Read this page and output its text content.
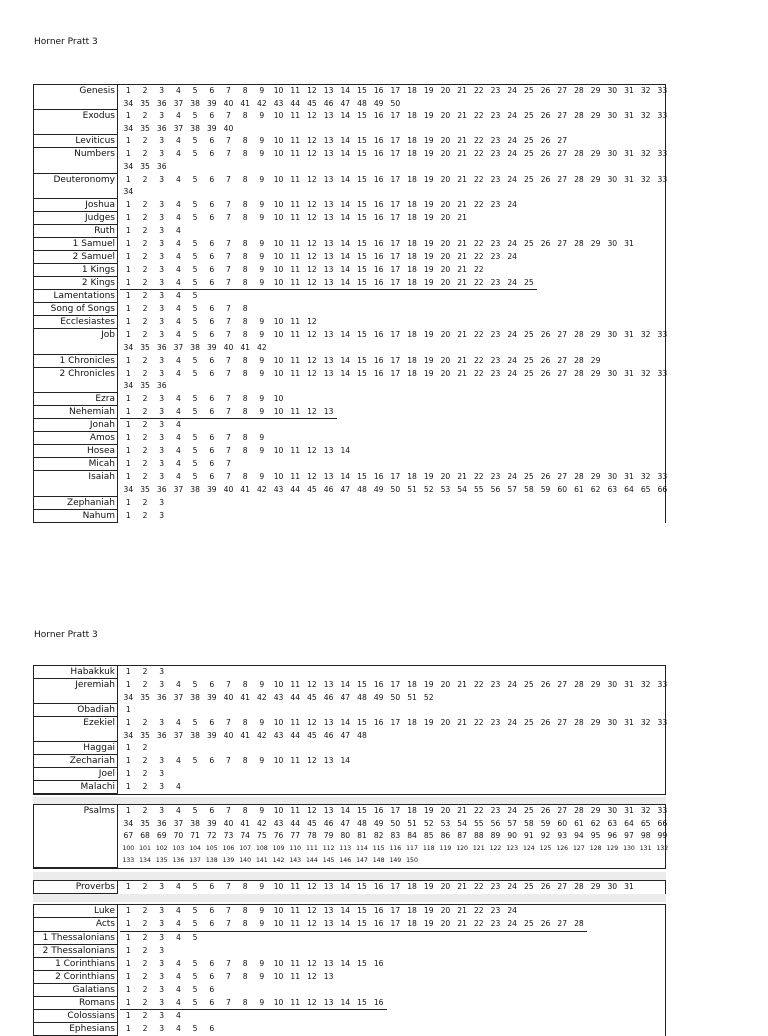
Horner Pratt 3
Genesis	1	2	3	4	5	6	7	8	9	10 11 12 13 14 15 16 17 18 19 20 21 22 23 24 25 26 27 28 29 30 31 32 33
34 35 36 37 38 39 40 41 42 43 44 45 46 47 48 49 50
Exodus	1	2	3	4	5	6	7	8	9	10 11 12 13 14 15 16 17 18 19 20 21 22 23 24 25 26 27 28 29 30 31 32 33
34 35 36 37 38 39 40
Leviticus	1	2	3	4	5	6	7	8	9	10 11 12 13 14 15 16 17 18 19 20 21 22 23 24 25 26 27
Numbers	1	2	3	4	5	6	7	8	9	10 11 12 13 14 15 16 17 18 19 20 21 22 23 24 25 26 27 28 29 30 31 32 33
34 35 36
Deuteronomy	1	2	3	4	5	6	7	8	9	10 11 12 13 14 15 16 17 18 19 20 21 22 23 24 25 26 27 28 29 30 31 32 33
34
Joshua	1	2	3	4	5	6	7	8	9	10 11 12 13 14 15 16 17 18 19 20 21 22 23 24
Judges	1	2	3	4	5	6	7	8	9	10 11 12 13 14 15 16 17 18 19 20 21
Ruth	1	2	3	4
1 Samuel	1	2	3	4	5	6	7	8	9	10 11 12 13 14 15 16 17 18 19 20 21 22 23 24 25 26 27 28 29 30 31
2 Samuel	1	2	3	4	5	6	7	8	9	10 11 12 13 14 15 16 17 18 19 20 21 22 23 24
1 Kings	1	2	3	4	5	6	7	8	9	10 11 12 13 14 15 16 17 18 19 20 21 22
2 Kings	1	2	3	4	5	6	7	8	9	10 11 12 13 14 15 16 17 18 19 20 21 22 23 24 25
Lamentations	1	2	3	4	5
Song of Songs	1	2	3	4	5	6	7	8
Ecclesiastes	1	2	3	4	5	6	7	8	9	10 11 12
Job	1	2	3	4	5	6	7	8	9	10 11 12 13 14 15 16 17 18 19 20 21 22 23 24 25 26 27 28 29 30 31 32 33
34 35 36 37 38 39 40 41 42
1 Chronicles	1	2	3	4	5	6	7	8	9	10 11 12 13 14 15 16 17 18 19 20 21 22 23 24 25 26 27 28 29
2 Chronicles	1	2	3	4	5	6	7	8	9	10 11 12 13 14 15 16 17 18 19 20 21 22 23 24 25 26 27 28 29 30 31 32 33
34 35 36
Ezra	1	2	3	4	5	6	7	8	9	10
Nehemiah	1	2	3	4	5	6	7	8	9	10 11 12 13
Jonah	1	2	3	4
Amos	1	2	3	4	5	6	7	8	9
Hosea	1	2	3	4	5	6	7	8	9	10 11 12 13 14
Micah	1	2	3	4	5	6	7
Isaiah	1	2	3	4	5	6	7	8	9	10 11 12 13 14 15 16 17 18 19 20 21 22 23 24 25 26 27 28 29 30 31 32 33
34 35 36 37 38 39 40 41 42 43 44 45 46 47 48 49 50 51 52 53 54 55 56 57 58 59 60 61 62 63 64 65 66
Zephaniah	1	2	3
Nahum	1	2	3
Horner Pratt 3
Habakkuk	1	2	3
Jeremiah	1	2	3	4	5	6	7	8	9	10 11 12 13 14 15 16 17 18 19 20 21 22 23 24 25 26 27 28 29 30 31 32 33
34 35 36 37 38 39 40 41 42 43 44 45 46 47 48 49 50 51 52
Obadiah	1
Ezekiel	1	2	3	4	5	6	7	8	9	10 11 12 13 14 15 16 17 18 19 20 21 22 23 24 25 26 27 28 29 30 31 32 33
34 35 36 37 38 39 40 41 42 43 44 45 46 47 48
Haggai	1	2
Zechariah	1	2	3	4	5	6	7	8	9	10 11 12 13 14
Joel	1	2	3
Malachi	1	2	3	4
Psalms	1	2	3	4	5	6	7	8	9	10 11 12 13 14 15 16 17 18 19 20 21 22 23 24 25 26 27 28 29 30 31 32 33
34 35 36 37 38 39 40 41 42 43 44 45 46 47 48 49 50 51 52 53 54 55 56 57 58 59 60 61 62 63 64 65 66
67 68 69 70 71 72 73 74 75 76 77 78 79 80 81 82 83 84 85 86 87 88 89 90 91 92 93 94 95 96 97 98 99
100 101 102 103 104 105 106 107 108 109 110 111 112 113 114 115 116 117 118 119 120 121 122 123 124 125 126 127 128 129 130 131 132
133 134 135 136 137 138 139 140 141 142 143 144 145 146 147 148 149 150
Proverbs	1	2	3	4	5	6	7	8	9	10 11 12 13 14 15 16 17 18 19 20 21 22 23 24 25 26 27 28 29 30 31
Luke	1	2	3	4	5	6	7	8	9	10 11 12 13 14 15 16 17 18 19 20 21 22 23 24
Acts	1	2	3	4	5	6	7	8	9	10 11 12 13 14 15 16 17 18 19 20 21 22 23 24 25 26 27 28
1 Thessalonians	1	2	3	4	5
2 Thessalonians	1	2	3
1 Corinthians	1	2	3	4	5	6	7	8	9	10 11 12 13 14 15 16
2 Corinthians	1	2	3	4	5	6	7	8	9	10 11 12 13
Galatians	1	2	3	4	5	6
Romans	1	2	3	4	5	6	7	8	9	10 11 12 13 14 15 16
Colossians	1	2	3	4
Ephesians	1	2	3	4	5	6
